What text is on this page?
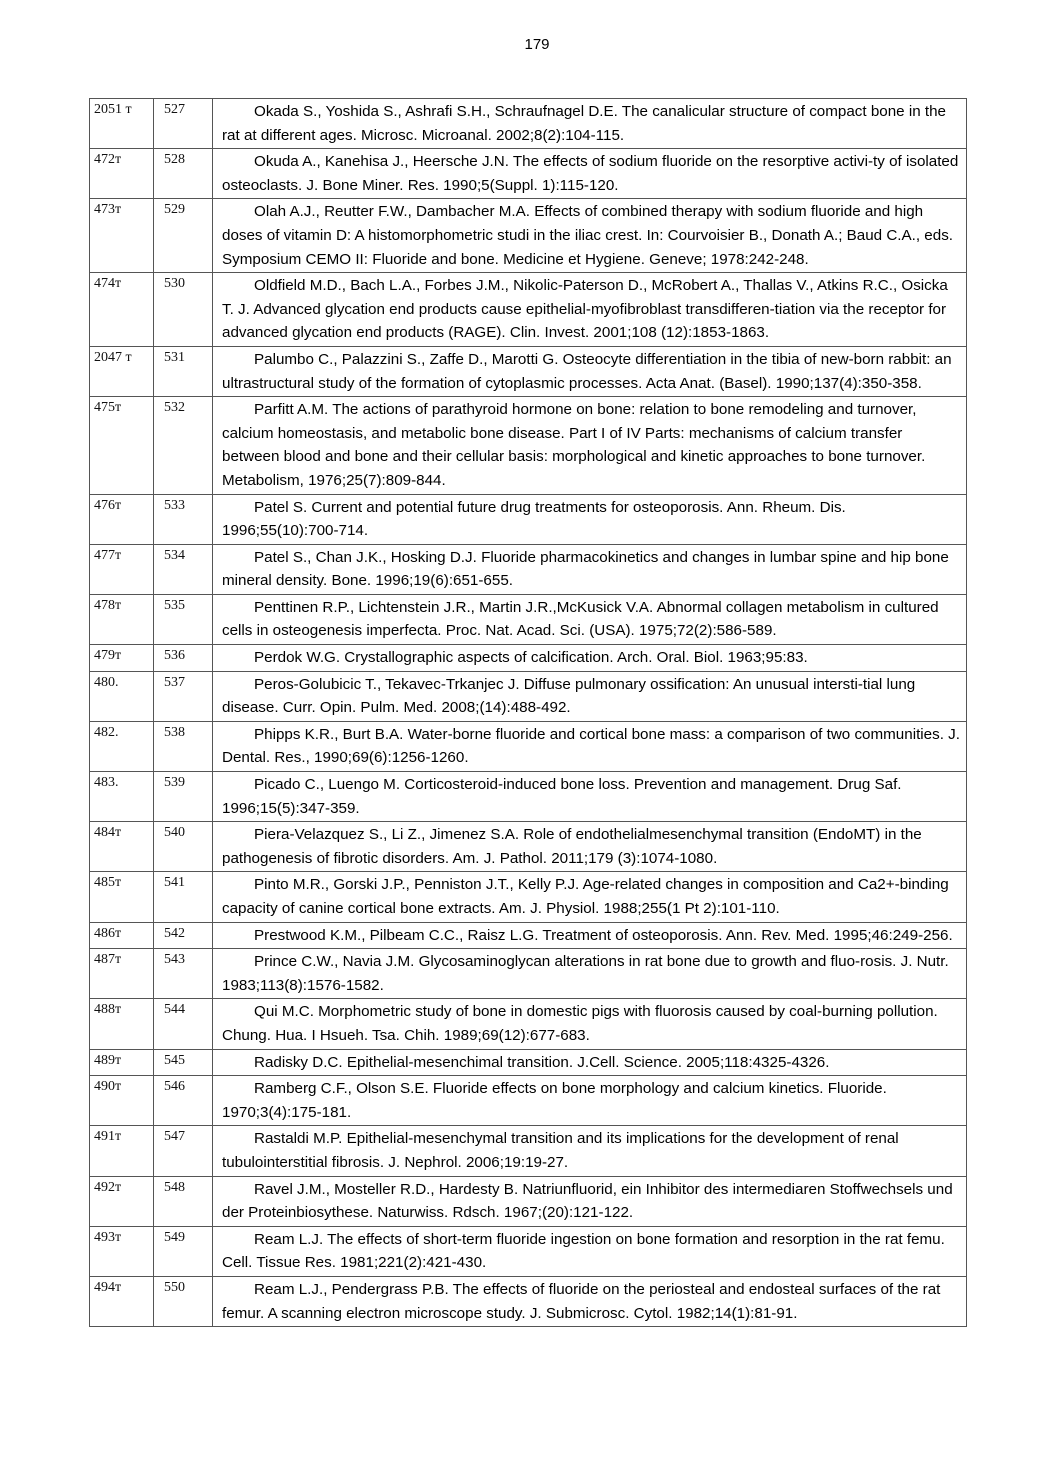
179
2051 т	527	Okada S., Yoshida S., Ashrafi S.H., Schraufnagel D.E. The canalicular structure of compact bone in the rat at different ages. Microsc. Microanal. 2002;8(2):104-115.

472т	528	Okuda A., Kanehisa J., Heersche J.N. The effects of sodium fluoride on the resorptive activi-ty of isolated osteoclasts. J. Bone Miner. Res. 1990;5(Suppl. 1):115-120.

473т	529	Olah A.J., Reutter F.W., Dambacher M.A. Effects of combined therapy with sodium fluoride and high doses of vitamin D: A histomorphometric studi in the iliac crest. In: Courvoisier B., Donath A.; Baud C.A., eds. Symposium CEMO II: Fluoride and bone. Medicine et Hygiene. Geneve; 1978:242-248.

474т	530	Oldfield M.D., Bach L.A., Forbes J.M., Nikolic-Paterson D., McRobert A., Thallas V., Atkins R.C., Osicka T. J. Advanced glycation end products cause epithelial-myofibroblast transdifferen-tiation via the receptor for advanced glycation end products (RAGE). Clin. Invest. 2001;108 (12):1853-1863.

2047 т	531	Palumbo C., Palazzini S., Zaffe D., Marotti G. Osteocyte differentiation in the tibia of new-born rabbit: an ultrastructural study of the formation of cytoplasmic processes. Acta Anat. (Basel). 1990;137(4):350-358.

475т	532	Parfitt A.M. The actions of parathyroid hormone on bone: relation to bone remodeling and turnover, calcium homeostasis, and metabolic bone disease. Part I of IV Parts: mechanisms of calcium transfer between blood and bone and their cellular basis: morphological and kinetic approaches to bone turnover. Metabolism, 1976;25(7):809-844.

476т	533	Patel S. Current and potential future drug treatments for osteoporosis. Ann. Rheum. Dis. 1996;55(10):700-714.

477т	534	Patel S., Chan J.K., Hosking D.J. Fluoride pharmacokinetics and changes in lumbar spine and hip bone mineral density. Bone. 1996;19(6):651-655.

478т	535	Penttinen R.P., Lichtenstein J.R., Martin J.R.,McKusick V.A. Abnormal collagen metabolism in cultured cells in osteogenesis imperfecta. Proc. Nat. Acad. Sci. (USA). 1975;72(2):586-589.

479т	536	Perdok W.G. Crystallographic aspects of calcification. Arch. Oral. Biol. 1963;95:83.

480.	537	Peros-Golubicic T., Tekavec-Trkanjec J. Diffuse pulmonary ossification: An unusual intersti-tial lung disease. Curr. Opin. Pulm. Med. 2008;(14):488-492.

482.	538	Phipps K.R., Burt B.A. Water-borne fluoride and cortical bone mass: a comparison of two communities. J. Dental. Res., 1990;69(6):1256-1260.

483.	539	Picado C., Luengo M. Corticosteroid-induced bone loss. Prevention and management. Drug Saf. 1996;15(5):347-359.

484т	540	Piera-Velazquez S., Li Z., Jimenez S.A. Role of endothelialmesenchymal transition (EndoMT) in the pathogenesis of fibrotic disorders. Am. J. Pathol. 2011;179 (3):1074-1080.

485т	541	Pinto M.R., Gorski J.P., Penniston J.T., Kelly P.J. Age-related changes in composition and Ca2+-binding capacity of canine cortical bone extracts. Am. J. Physiol. 1988;255(1 Pt 2):101-110.

486т	542	Prestwood K.M., Pilbeam C.C., Raisz L.G. Treatment of osteoporosis. Ann. Rev. Med. 1995;46:249-256.

487т	543	Prince C.W., Navia J.M. Glycosaminoglycan alterations in rat bone due to growth and fluo-rosis. J. Nutr. 1983;113(8):1576-1582.

488т	544	Qui M.C. Morphometric study of bone in domestic pigs with fluorosis caused by coal-burning pollution. Chung. Hua. I Hsueh. Tsa. Chih. 1989;69(12):677-683.

489т	545	Radisky D.C. Epithelial-mesenchimal transition. J.Cell. Science. 2005;118:4325-4326.

490т	546	Ramberg C.F., Olson S.E. Fluoride effects on bone morphology and calcium kinetics. Fluoride. 1970;3(4):175-181.

491т	547	Rastaldi M.P. Epithelial-mesenchymal transition and its implications for the development of renal tubulointerstitial fibrosis. J. Nephrol. 2006;19:19-27.

492т	548	Ravel J.M., Mosteller R.D., Hardesty B. Natriunfluorid, ein Inhibitor des intermediaren Stoffwechsels und der Proteinbiosythese. Naturwiss. Rdsch. 1967;(20):121-122.

493т	549	Ream L.J. The effects of short-term fluoride ingestion on bone formation and resorption in the rat femu. Cell. Tissue Res. 1981;221(2):421-430.

494т	550	Ream L.J., Pendergrass P.B. The effects of fluoride on the periosteal and endosteal surfaces of the rat femur. A scanning electron microscope study. J. Submicrosc. Cytol. 1982;14(1):81-91.
